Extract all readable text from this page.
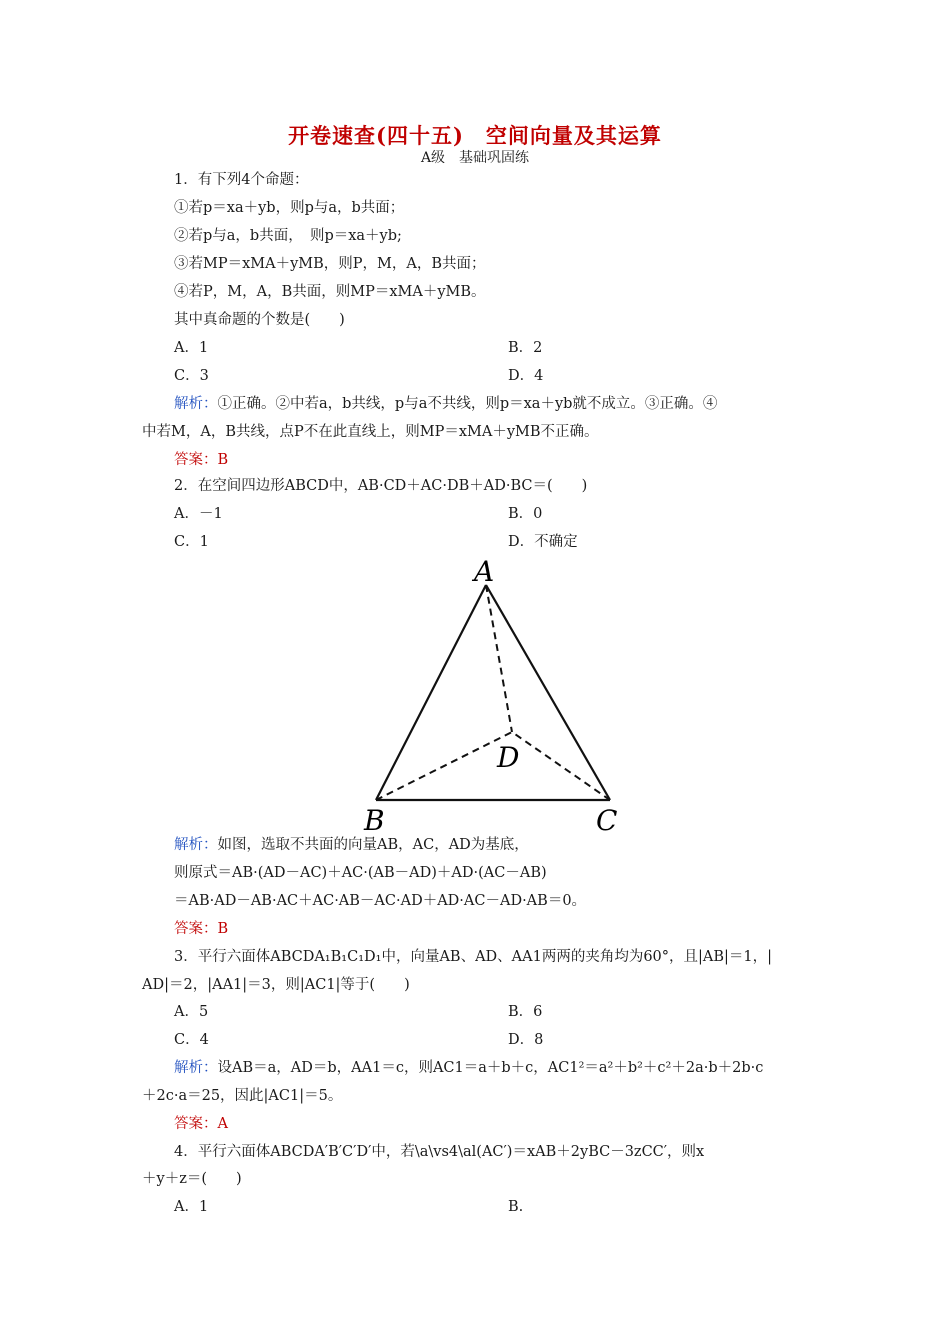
开卷速查(四十五)　空间向量及其运算
A级　基础巩固练
1．有下列4个命题：
①若p＝xa＋yb，则p与a，b共面；
②若p与a，b共面，　则p＝xa＋yb;
③若MP＝xMA＋yMB，则P，M，A，B共面；
④若P，M，A，B共面，则MP＝xMA＋yMB。
其中真命题的个数是(　　)
A．1	B．2
C．3	D．4
解析：①正确。②中若a，b共线，p与a不共线，则p＝xa＋yb就不成立。③正确。④
中若M，A，B共线，点P不在此直线上，则MP＝xMA＋yMB不正确。
答案：B
2．在空间四边形ABCD中，AB·CD＋AC·DB＋AD·BC＝(　　)
A．－1	B．0
C．1	D．不确定
A
B	C
D
解析：如图，选取不共面的向量AB，AC，AD为基底，
则原式＝AB·(AD－AC)＋AC·(AB－AD)＋AD·(AC－AB)
＝AB·AD－AB·AC＋AC·AB－AC·AD＋AD·AC－AD·AB＝0。
答案：B
3．平行六面体ABCDA₁B₁C₁D₁中，向量AB、AD、AA1两两的夹角均为60°，且|AB|＝1，|
AD|＝2，|AA1|＝3，则|AC1|等于(　　)
A．5	B．6
C．4	D．8
解析：设AB＝a，AD＝b，AA1＝c，则AC1＝a＋b＋c，AC1²＝a²＋b²＋c²＋2a·b＋2b·c
＋2c·a＝25，因此|AC1|＝5。
答案：A
4．平行六面体ABCDA′B′C′D′中，若\a\vs4\al(AC′)＝xAB＋2yBC－3zCC′，则x
＋y＋z＝(　　)
A．1	B.
